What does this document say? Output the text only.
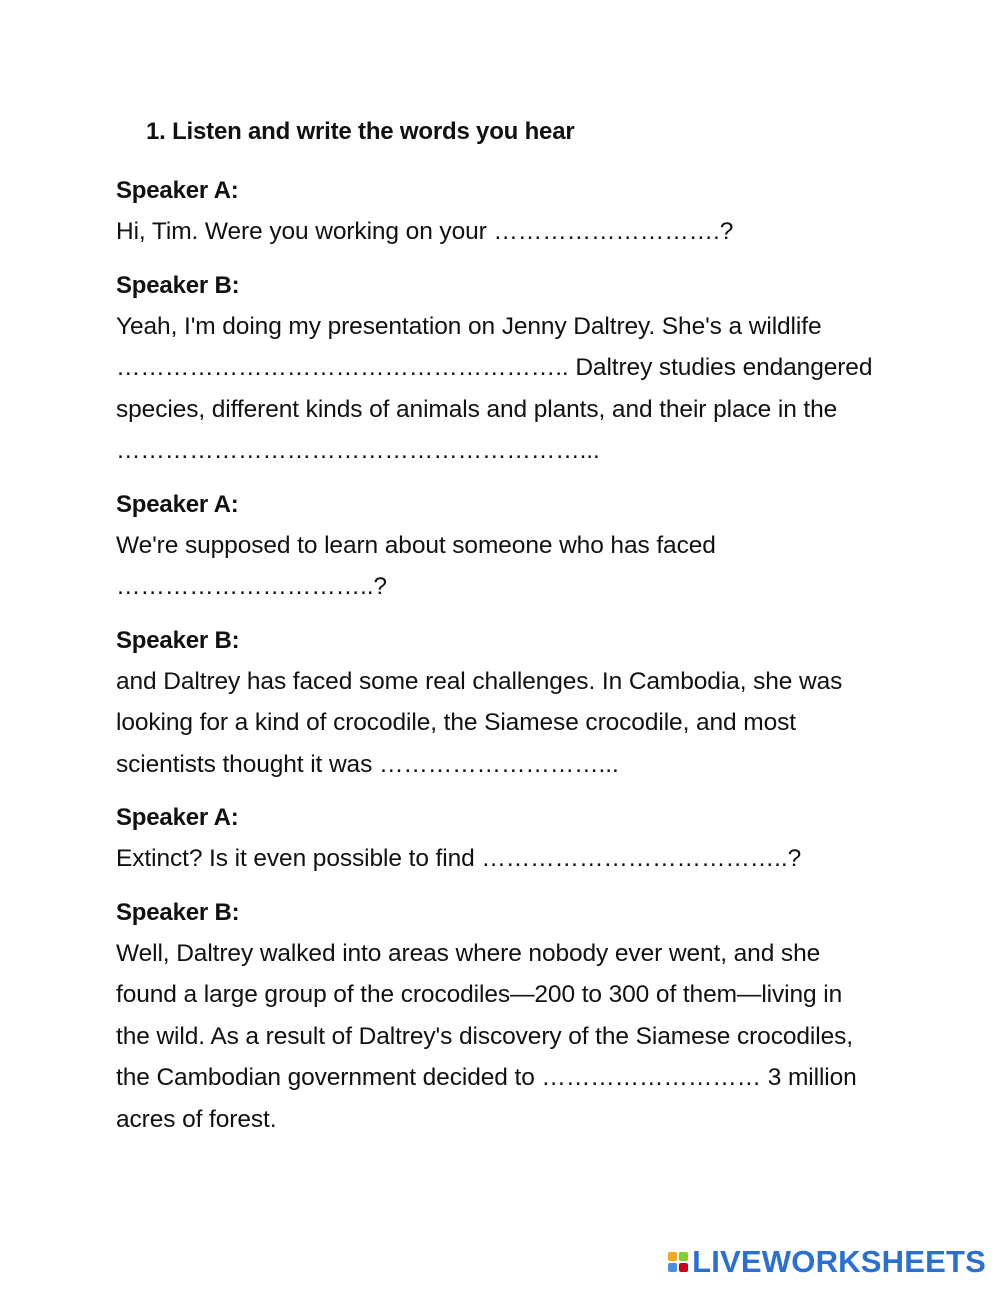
1. Listen and write the words you hear
Speaker A:
Hi, Tim. Were you working on your ……………………….?
Speaker B:
Yeah, I'm doing my presentation on Jenny Daltrey. She's a wildlife
……………………………………………….. Daltrey studies endangered
species, different kinds of animals and plants, and their place in the
…………………………………………………...
Speaker A:
We're supposed to learn about someone who has faced
…………………………..?
Speaker B:
and Daltrey has faced some real challenges. In Cambodia, she was
looking for a kind of crocodile, the Siamese crocodile, and most
scientists thought it was ………………………...
Speaker A:
Extinct? Is it even possible to find ………………………………..?
Speaker B:
Well, Daltrey walked into areas where nobody ever went, and she
found a large group of the crocodiles—200 to 300 of them—living in
the wild. As a result of Daltrey's discovery of the Siamese crocodiles,
the Cambodian government decided to ……………………… 3 million
acres of forest.
LIVEWORKSHEETS
